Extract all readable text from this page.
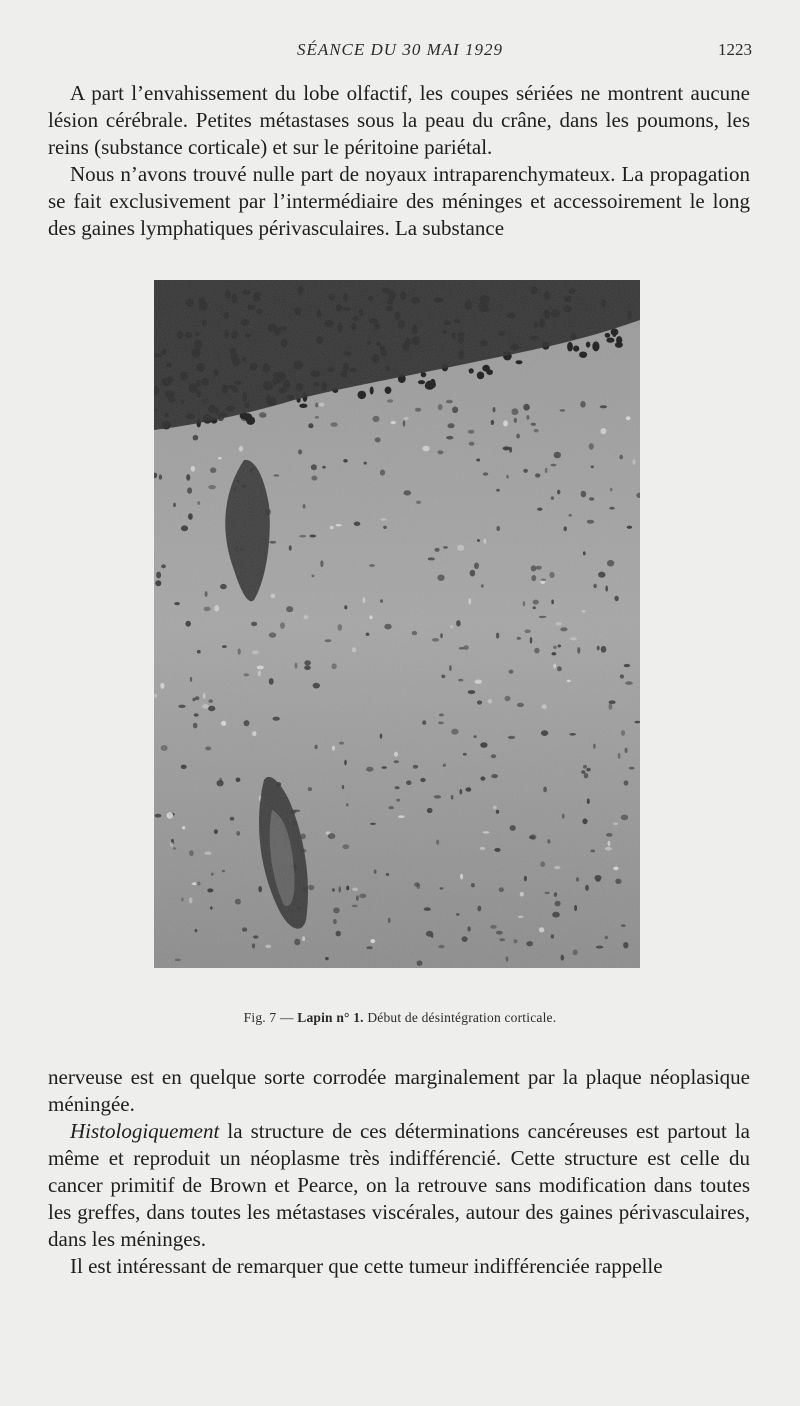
SÉANCE DU 30 MAI 1929	1223

A part l’envahissement du lobe olfactif, les coupes sériées ne montrent aucune lésion cérébrale. Petites métastases sous la peau du crâne, dans les poumons, les reins (substance corticale) et sur le péritoine pariétal.

Nous n’avons trouvé nulle part de noyaux intraparenchymateux. La propagation se fait exclusivement par l’intermédiaire des méninges et accessoirement le long des gaines lymphatiques périvasculaires. La substance

Fig. 7 — Lapin n° 1. Début de désintégration corticale.

nerveuse est en quelque sorte corrodée marginalement par la plaque néoplasique méningée.

Histologiquement la structure de ces déterminations cancéreuses est partout la même et reproduit un néoplasme très indifférencié. Cette structure est celle du cancer primitif de Brown et Pearce, on la retrouve sans modification dans toutes les greffes, dans toutes les métastases viscérales, autour des gaines périvasculaires, dans les méninges.

Il est intéressant de remarquer que cette tumeur indifférenciée rappelle
